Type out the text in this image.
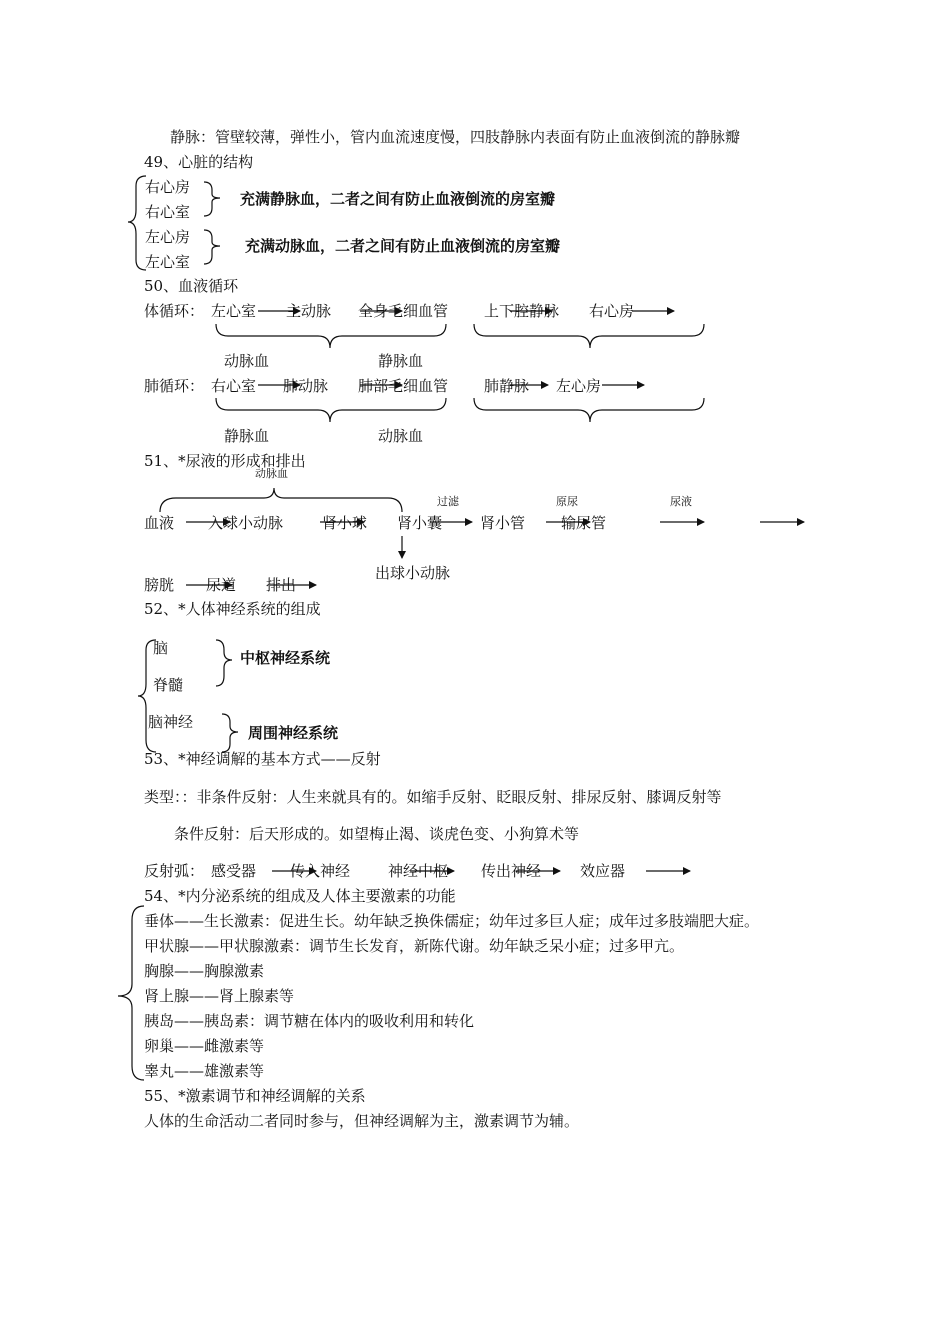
静脉：管壁较薄，弹性小，管内血流速度慢，四肢静脉内表面有防止血液倒流的静脉瓣
49、心脏的结构
右心房
右心室
左心房
左心室
充满静脉血，二者之间有防止血液倒流的房室瓣
充满动脉血，二者之间有防止血液倒流的房室瓣
50、血液循环
体循环： 左心室 主动脉 全身毛细血管 上下腔静脉 右心房
动脉血	静脉血
肺循环： 右心室 肺动脉 肺部毛细血管 肺静脉 左心房
静脉血	动脉血
51、*尿液的形成和排出
动脉血
过滤	原尿	尿液
血液 入球小动脉	肾小球 肾小囊	肾小管 输尿管
出球小动脉
膀胱 尿道 排出
52、*人体神经系统的组成
脑
脊髓
脑神经
中枢神经系统
周围神经系统
53、*神经调解的基本方式——反射
类型：：非条件反射：人生来就具有的。如缩手反射、眨眼反射、排尿反射、膝调反射等
条件反射：后天形成的。如望梅止渴、谈虎色变、小狗算术等
反射弧： 感受器 传入神经	神经中枢 传出神经	效应器
54、*内分泌系统的组成及人体主要激素的功能
垂体——生长激素：促进生长。幼年缺乏换侏儒症；幼年过多巨人症；成年过多肢端肥大症。
甲状腺——甲状腺激素：调节生长发育，新陈代谢。幼年缺乏呆小症；过多甲亢。
胸腺——胸腺激素
肾上腺——肾上腺素等
胰岛——胰岛素：调节糖在体内的吸收利用和转化
卵巢——雌激素等
睾丸——雄激素等
55、*激素调节和神经调解的关系
人体的生命活动二者同时参与，但神经调解为主，激素调节为辅。
